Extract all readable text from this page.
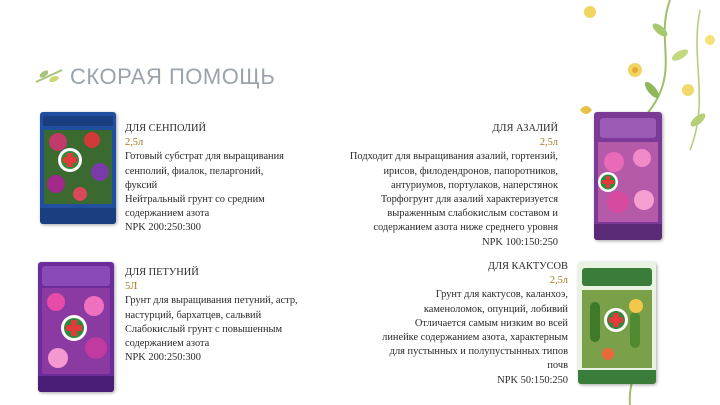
СКОРАЯ ПОМОЩЬ
ДЛЯ СЕНПОЛИЙ
2,5л
Готовый субстрат для выращивания
сенполий, фиалок, пеларгоний,
фуксий
Нейтральный грунт со средним
содержанием азота
NPK 200:250:300
ДЛЯ АЗАЛИЙ
2,5л
Подходит для выращивания азалий, гортензий,
ирисов, филодендронов, папоротников,
антуриумов, портулаков, наперстянок
Торфогрунт для азалий характеризуется
выраженным слабокислым составом и
содержанием азота ниже среднего уровня
NPK 100:150:250
ДЛЯ ПЕТУНИЙ
5Л
Грунт для выращивания петуний, астр,
настурций, бархатцев, сальвий
Слабокислый грунт с повышенным
содержанием азота
NPK 200:250:300
ДЛЯ КАКТУСОВ
2,5л
Грунт для кактусов, каланхоэ,
каменоломок, опунций, лобивий
Отличается самым низким во всей
линейке содержанием азота, характерным
для пустынных и полупустынных типов
почв
NPK 50:150:250
